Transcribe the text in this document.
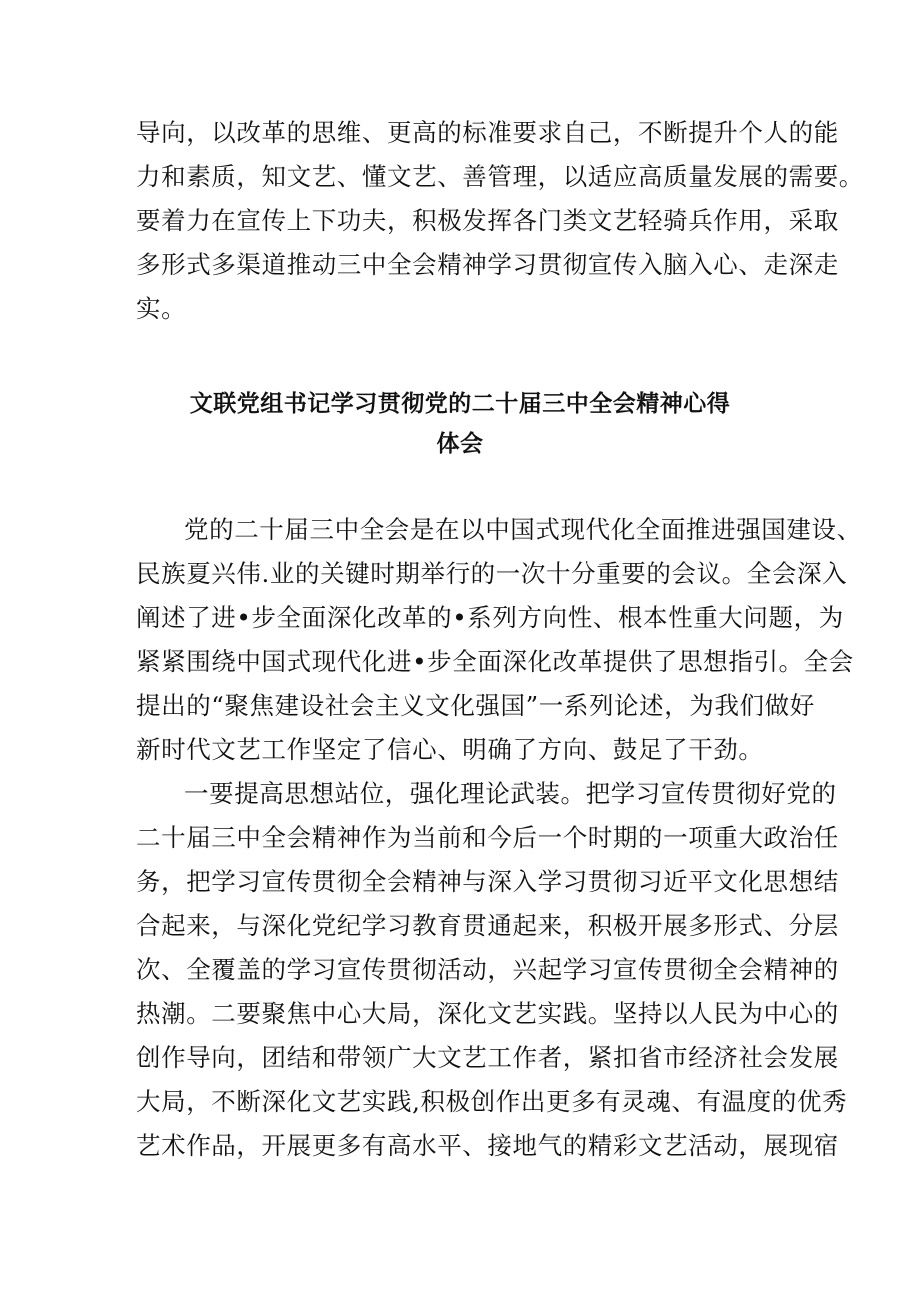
导向，以改革的思维、更高的标准要求自己，不断提升个人的能
力和素质，知文艺、懂文艺、善管理，以适应高质量发展的需要。
要着力在宣传上下功夫，积极发挥各门类文艺轻骑兵作用，采取
多形式多渠道推动三中全会精神学习贯彻宣传入脑入心、走深走
实。
文联党组书记学习贯彻党的二十届三中全会精神心得
体会
党的二十届三中全会是在以中国式现代化全面推进强国建设、
民族夏兴伟.业的关键时期举行的一次十分重要的会议。全会深入
阐述了进•步全面深化改革的•系列方向性、根本性重大问题，为
紧紧围绕中国式现代化进•步全面深化改革提供了思想指引。全会
提出的“聚焦建设社会主义文化强国”一系列论述，为我们做好
新时代文艺工作坚定了信心、明确了方向、鼓足了干劲。
一要提高思想站位，强化理论武装。把学习宣传贯彻好党的
二十届三中全会精神作为当前和今后一个时期的一项重大政治任
务，把学习宣传贯彻全会精神与深入学习贯彻习近平文化思想结
合起来，与深化党纪学习教育贯通起来，积极开展多形式、分层
次、全覆盖的学习宣传贯彻活动，兴起学习宣传贯彻全会精神的
热潮。二要聚焦中心大局，深化文艺实践。坚持以人民为中心的
创作导向，团结和带领广大文艺工作者，紧扣省市经济社会发展
大局，不断深化文艺实践,积极创作出更多有灵魂、有温度的优秀
艺术作品，开展更多有高水平、接地气的精彩文艺活动，展现宿
